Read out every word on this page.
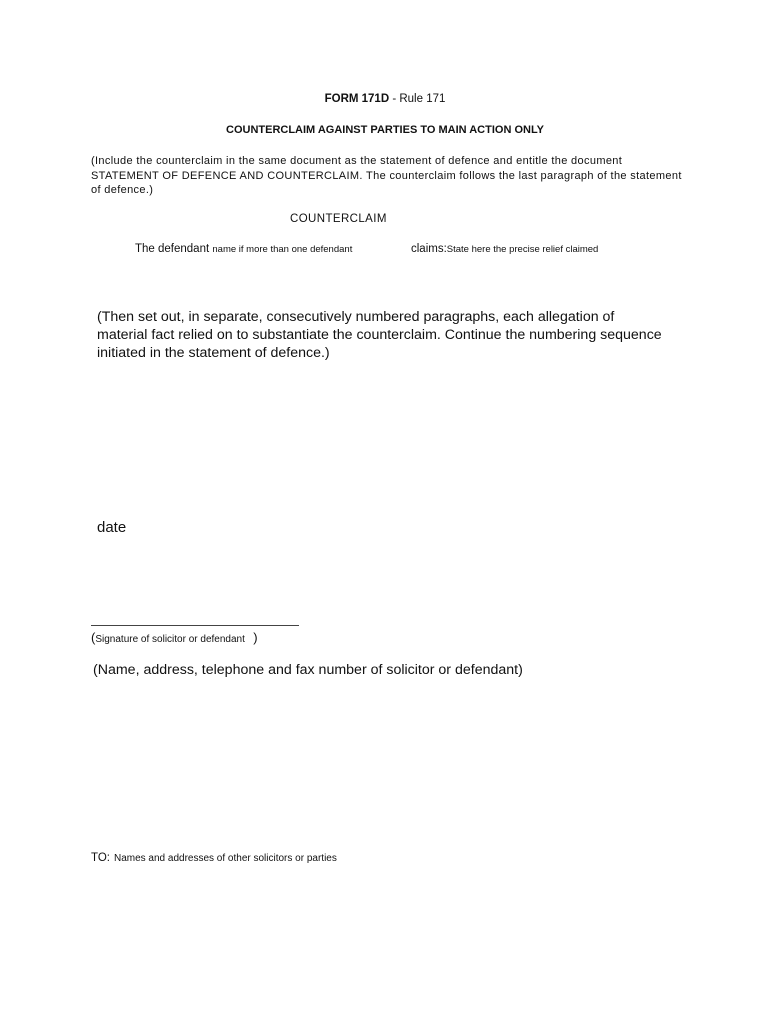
FORM 171D - Rule 171
COUNTERCLAIM AGAINST PARTIES TO MAIN ACTION ONLY
(Include the counterclaim in the same document as the statement of defence and entitle the document STATEMENT OF DEFENCE AND COUNTERCLAIM. The counterclaim follows the last paragraph of the statement of defence.)
COUNTERCLAIM
The defendant name if more than one defendant	claims:State here the precise relief claimed
(Then set out, in separate, consecutively numbered paragraphs, each allegation of material fact relied on to substantiate the counterclaim. Continue the numbering sequence initiated in the statement of defence.)
date
(Signature of solicitor or defendant )
(Name, address, telephone and fax number of solicitor or defendant)
TO: Names and addresses of other solicitors or parties
